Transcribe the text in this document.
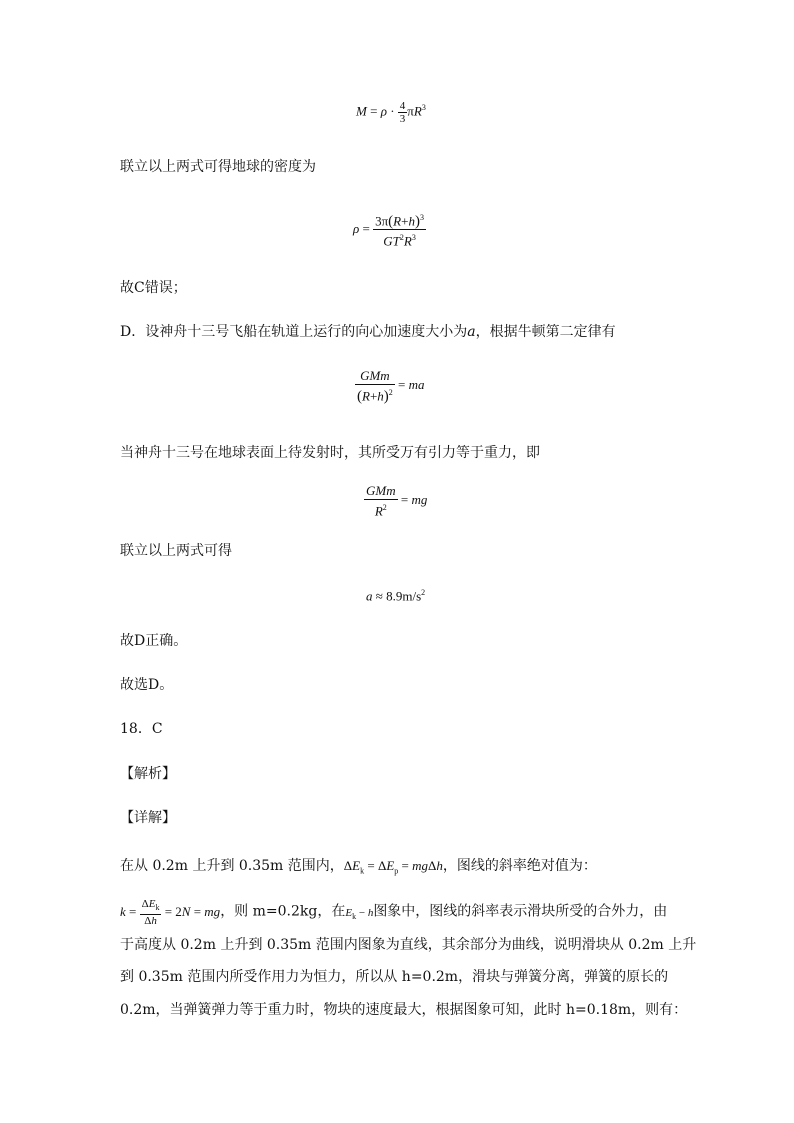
$M = \rho \cdot \frac{4}{3} \pi R^3$
联立以上两式可得地球的密度为
$\rho = \frac{3\pi(R+h)^3}{GT^2R^3}$
故C错误；
D．设神舟十三号飞船在轨道上运行的向心加速度大小为a，根据牛顿第二定律有
$\frac{\text{GMm}}{(R+h)^2}$ = ma
当神舟十三号在地球表面上待发射时，其所受万有引力等于重力，即
$\frac{\text{GMm}}{R^2}$ = mg
联立以上两式可得
$a \approx 8.9m/s^2$
故D正确。
故选D。
18．C
【解析】
【详解】
在从 0.2m 上升到 0.35m 范围内，$\Delta E_k = \Delta E_p = mg\Delta h$，图线的斜率绝对值为：
$k = \frac{\Delta E_k}{\Delta h} = 2N$ = mg，则 m=0.2kg，在$E_k - h$图象中，图线的斜率表示滑块所受的合外力，由
于高度从 0.2m 上升到 0.35m 范围内图象为直线，其余部分为曲线，说明滑块从 0.2m 上升
到 0.35m 范围内所受作用力为恒力，所以从 h=0.2m，滑块与弹簧分离，弹簧的原长的
0.2m，当弹簧弹力等于重力时，物块的速度最大，根据图象可知，此时 h=0.18m，则有：
